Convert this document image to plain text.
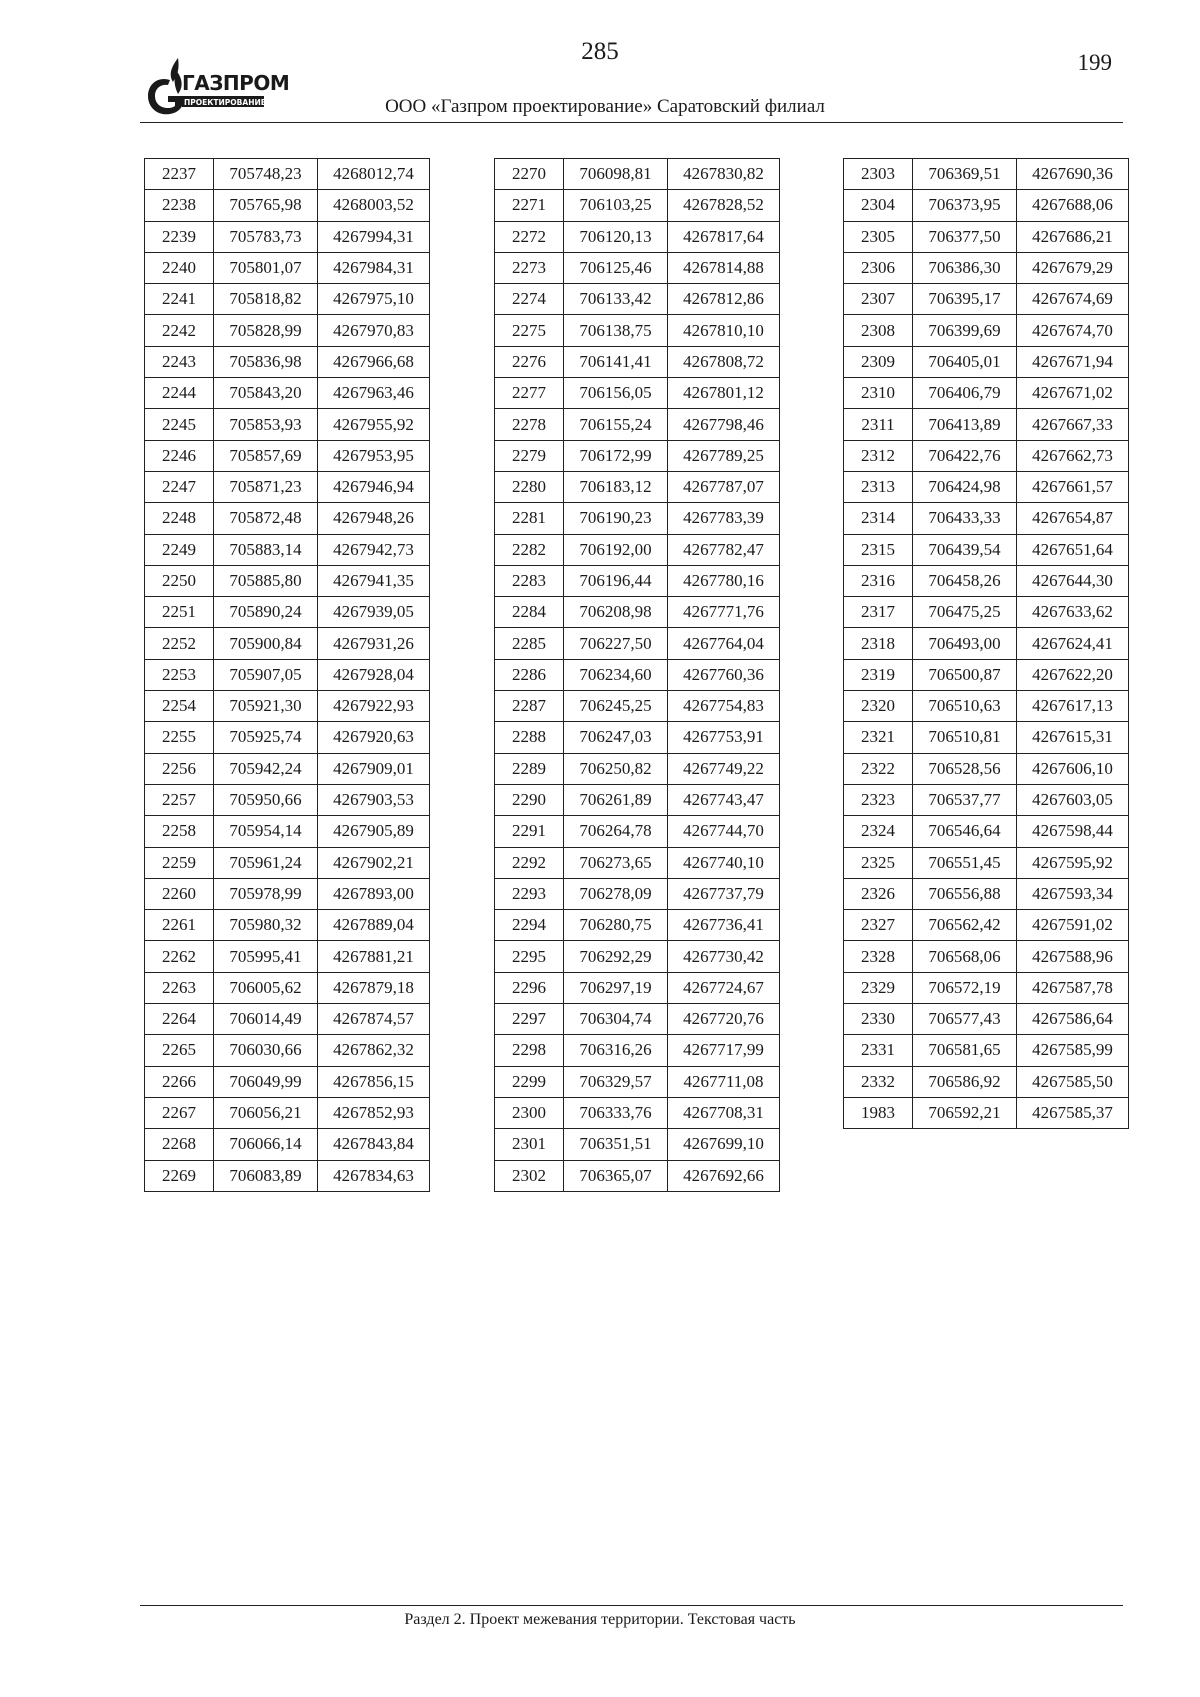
ГАЗПРОМ
ПРОЕКТИРОВАНИЕ
285	199
ООО «Газпром проектирование» Саратовский филиал
2237	705748,23	4268012,74
2238	705765,98	4268003,52
2239	705783,73	4267994,31
2240	705801,07	4267984,31
2241	705818,82	4267975,10
2242	705828,99	4267970,83
2243	705836,98	4267966,68
2244	705843,20	4267963,46
2245	705853,93	4267955,92
2246	705857,69	4267953,95
2247	705871,23	4267946,94
2248	705872,48	4267948,26
2249	705883,14	4267942,73
2250	705885,80	4267941,35
2251	705890,24	4267939,05
2252	705900,84	4267931,26
2253	705907,05	4267928,04
2254	705921,30	4267922,93
2255	705925,74	4267920,63
2256	705942,24	4267909,01
2257	705950,66	4267903,53
2258	705954,14	4267905,89
2259	705961,24	4267902,21
2260	705978,99	4267893,00
2261	705980,32	4267889,04
2262	705995,41	4267881,21
2263	706005,62	4267879,18
2264	706014,49	4267874,57
2265	706030,66	4267862,32
2266	706049,99	4267856,15
2267	706056,21	4267852,93
2268	706066,14	4267843,84
2269	706083,89	4267834,63
2270	706098,81	4267830,82
2271	706103,25	4267828,52
2272	706120,13	4267817,64
2273	706125,46	4267814,88
2274	706133,42	4267812,86
2275	706138,75	4267810,10
2276	706141,41	4267808,72
2277	706156,05	4267801,12
2278	706155,24	4267798,46
2279	706172,99	4267789,25
2280	706183,12	4267787,07
2281	706190,23	4267783,39
2282	706192,00	4267782,47
2283	706196,44	4267780,16
2284	706208,98	4267771,76
2285	706227,50	4267764,04
2286	706234,60	4267760,36
2287	706245,25	4267754,83
2288	706247,03	4267753,91
2289	706250,82	4267749,22
2290	706261,89	4267743,47
2291	706264,78	4267744,70
2292	706273,65	4267740,10
2293	706278,09	4267737,79
2294	706280,75	4267736,41
2295	706292,29	4267730,42
2296	706297,19	4267724,67
2297	706304,74	4267720,76
2298	706316,26	4267717,99
2299	706329,57	4267711,08
2300	706333,76	4267708,31
2301	706351,51	4267699,10
2302	706365,07	4267692,66
2303	706369,51	4267690,36
2304	706373,95	4267688,06
2305	706377,50	4267686,21
2306	706386,30	4267679,29
2307	706395,17	4267674,69
2308	706399,69	4267674,70
2309	706405,01	4267671,94
2310	706406,79	4267671,02
2311	706413,89	4267667,33
2312	706422,76	4267662,73
2313	706424,98	4267661,57
2314	706433,33	4267654,87
2315	706439,54	4267651,64
2316	706458,26	4267644,30
2317	706475,25	4267633,62
2318	706493,00	4267624,41
2319	706500,87	4267622,20
2320	706510,63	4267617,13
2321	706510,81	4267615,31
2322	706528,56	4267606,10
2323	706537,77	4267603,05
2324	706546,64	4267598,44
2325	706551,45	4267595,92
2326	706556,88	4267593,34
2327	706562,42	4267591,02
2328	706568,06	4267588,96
2329	706572,19	4267587,78
2330	706577,43	4267586,64
2331	706581,65	4267585,99
2332	706586,92	4267585,50
1983	706592,21	4267585,37
Раздел 2. Проект межевания территории. Текстовая часть
